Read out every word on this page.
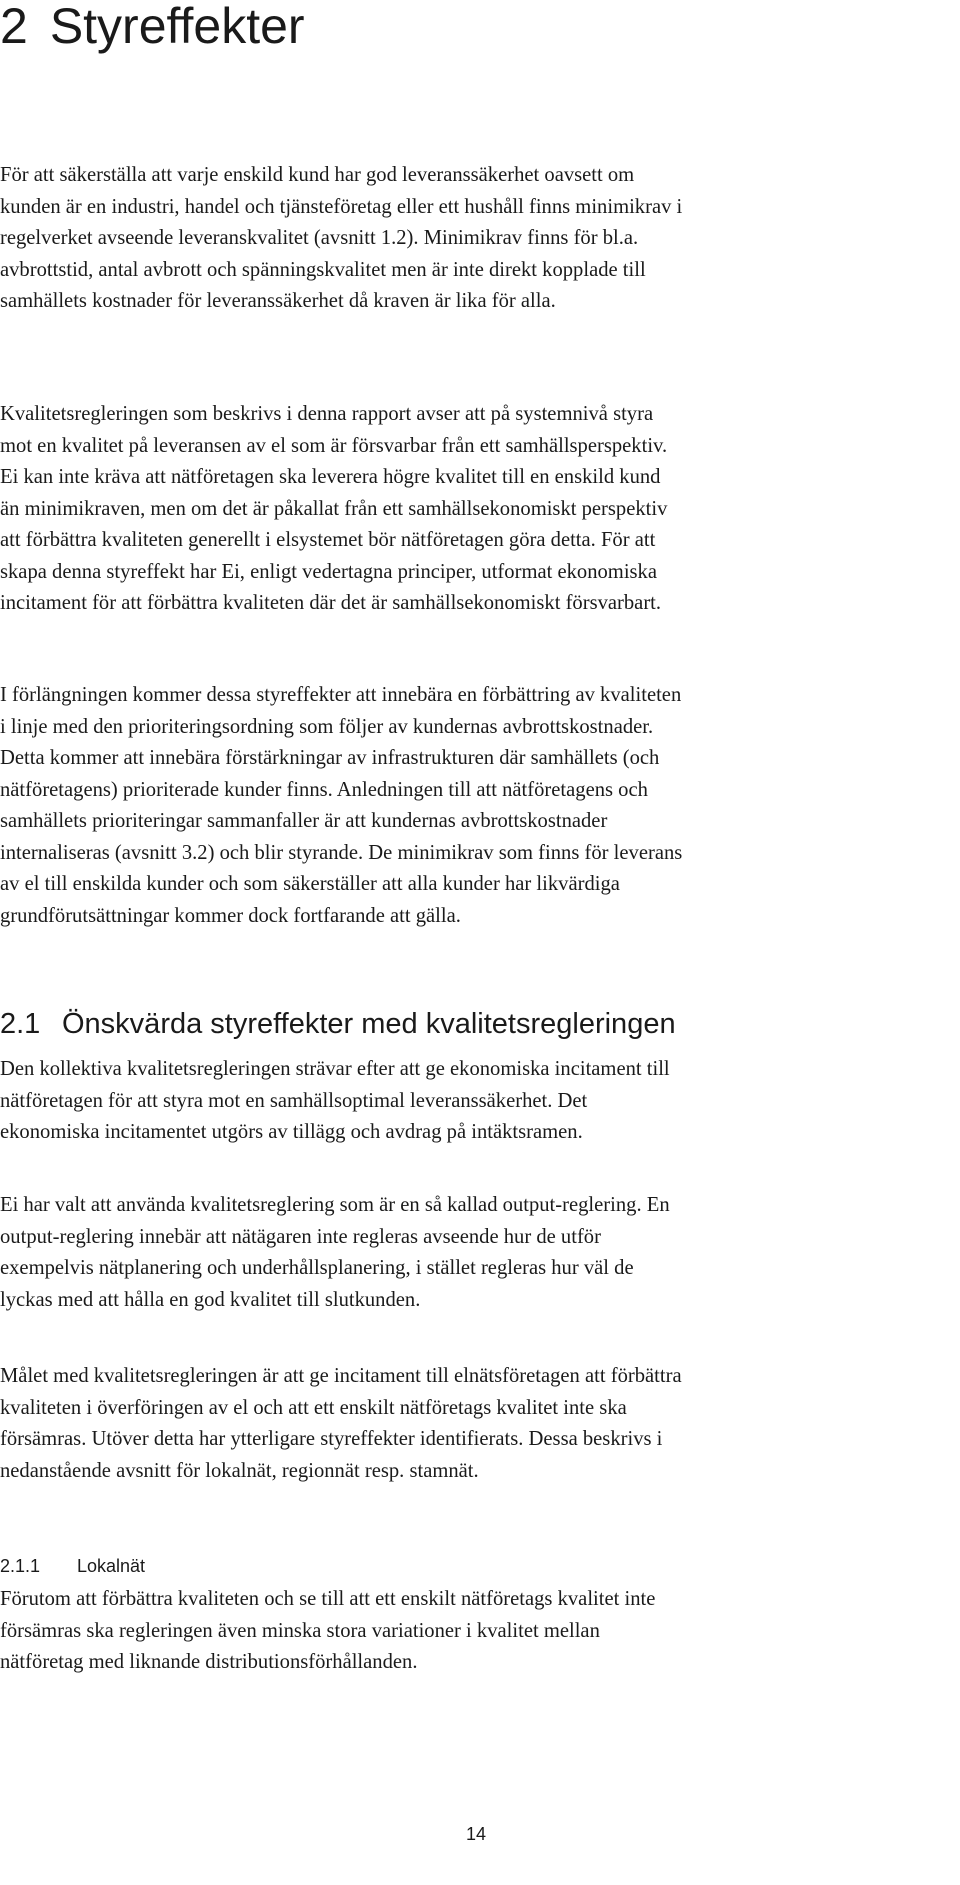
2 Styreffekter
För att säkerställa att varje enskild kund har god leveranssäkerhet oavsett om
kunden är en industri, handel och tjänsteföretag eller ett hushåll finns minimikrav i
regelverket avseende leveranskvalitet (avsnitt 1.2). Minimikrav finns för bl.a.
avbrottstid, antal avbrott och spänningskvalitet men är inte direkt kopplade till
samhällets kostnader för leveranssäkerhet då kraven är lika för alla.
Kvalitetsregleringen som beskrivs i denna rapport avser att på systemnivå styra
mot en kvalitet på leveransen av el som är försvarbar från ett samhällsperspektiv.
Ei kan inte kräva att nätföretagen ska leverera högre kvalitet till en enskild kund
än minimikraven, men om det är påkallat från ett samhällsekonomiskt perspektiv
att förbättra kvaliteten generellt i elsystemet bör nätföretagen göra detta. För att
skapa denna styreffekt har Ei, enligt vedertagna principer, utformat ekonomiska
incitament för att förbättra kvaliteten där det är samhällsekonomiskt försvarbart.
I förlängningen kommer dessa styreffekter att innebära en förbättring av kvaliteten
i linje med den prioriteringsordning som följer av kundernas avbrottskostnader.
Detta kommer att innebära förstärkningar av infrastrukturen där samhällets (och
nätföretagens) prioriterade kunder finns. Anledningen till att nätföretagens och
samhällets prioriteringar sammanfaller är att kundernas avbrottskostnader
internaliseras (avsnitt 3.2) och blir styrande. De minimikrav som finns för leverans
av el till enskilda kunder och som säkerställer att alla kunder har likvärdiga
grundförutsättningar kommer dock fortfarande att gälla.
2.1 Önskvärda styreffekter med kvalitetsregleringen
Den kollektiva kvalitetsregleringen strävar efter att ge ekonomiska incitament till
nätföretagen för att styra mot en samhällsoptimal leveranssäkerhet. Det
ekonomiska incitamentet utgörs av tillägg och avdrag på intäktsramen.
Ei har valt att använda kvalitetsreglering som är en så kallad output-reglering. En
output-reglering innebär att nätägaren inte regleras avseende hur de utför
exempelvis nätplanering och underhållsplanering, i stället regleras hur väl de
lyckas med att hålla en god kvalitet till slutkunden.
Målet med kvalitetsregleringen är att ge incitament till elnätsföretagen att förbättra
kvaliteten i överföringen av el och att ett enskilt nätföretags kvalitet inte ska
försämras. Utöver detta har ytterligare styreffekter identifierats. Dessa beskrivs i
nedanstående avsnitt för lokalnät, regionnät resp. stamnät.
2.1.1 Lokalnät
Förutom att förbättra kvaliteten och se till att ett enskilt nätföretags kvalitet inte
försämras ska regleringen även minska stora variationer i kvalitet mellan
nätföretag med liknande distributionsförhållanden.
14
